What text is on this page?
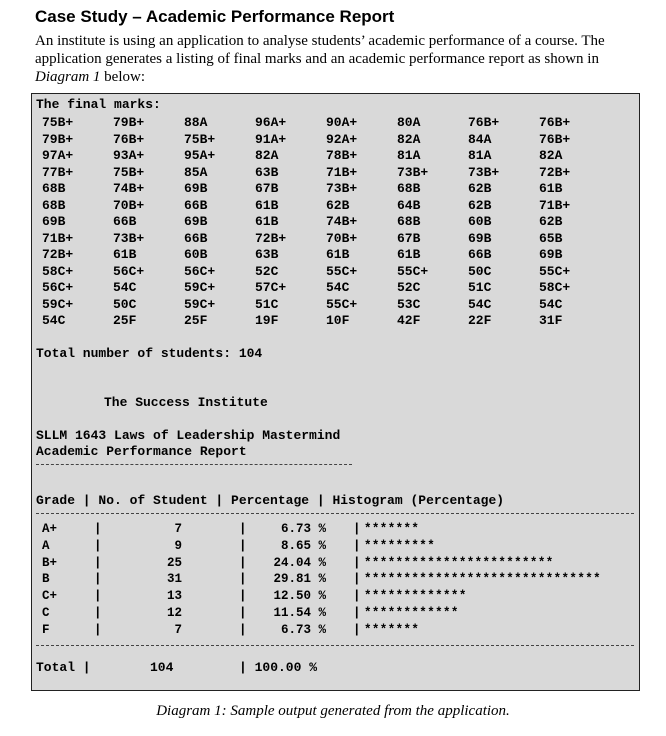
Case Study – Academic Performance Report

An institute is using an application to analyse students’ academic performance of a course. The application generates a listing of final marks and an academic performance report as shown in Diagram 1 below:

The final marks:
75B+	79B+	88A	96A+	90A+	80A	76B+	76B+
79B+	76B+	75B+	91A+	92A+	82A	84A	76B+
97A+	93A+	95A+	82A	78B+	81A	81A	82A
77B+	75B+	85A	63B	71B+	73B+	73B+	72B+
68B	74B+	69B	67B	73B+	68B	62B	61B
68B	70B+	66B	61B	62B	64B	62B	71B+
69B	66B	69B	61B	74B+	68B	60B	62B
71B+	73B+	66B	72B+	70B+	67B	69B	65B
72B+	61B	60B	63B	61B	61B	66B	69B
58C+	56C+	56C+	52C	55C+	55C+	50C	55C+
56C+	54C	59C+	57C+	54C	52C	51C	58C+
59C+	50C	59C+	51C	55C+	53C	54C	54C
54C	25F	25F	19F	10F	42F	22F	31F
Total number of students: 104
The Success Institute
SLLM 1643 Laws of Leadership Mastermind
Academic Performance Report
Grade | No. of Student | Percentage | Histogram (Percentage)
A+	|	7	|	6.73 % | *******
A	|	9	|	8.65 % | *********
B+	|	25	|	24.04 % | ************************
B	|	31	|	29.81 % | ******************************
C+	|	13	|	12.50 % | *************
C	|	12	|	11.54 % | ************
F	|	7	|	6.73 % | *******
Total |	104	| 100.00 %
Diagram 1: Sample output generated from the application.
